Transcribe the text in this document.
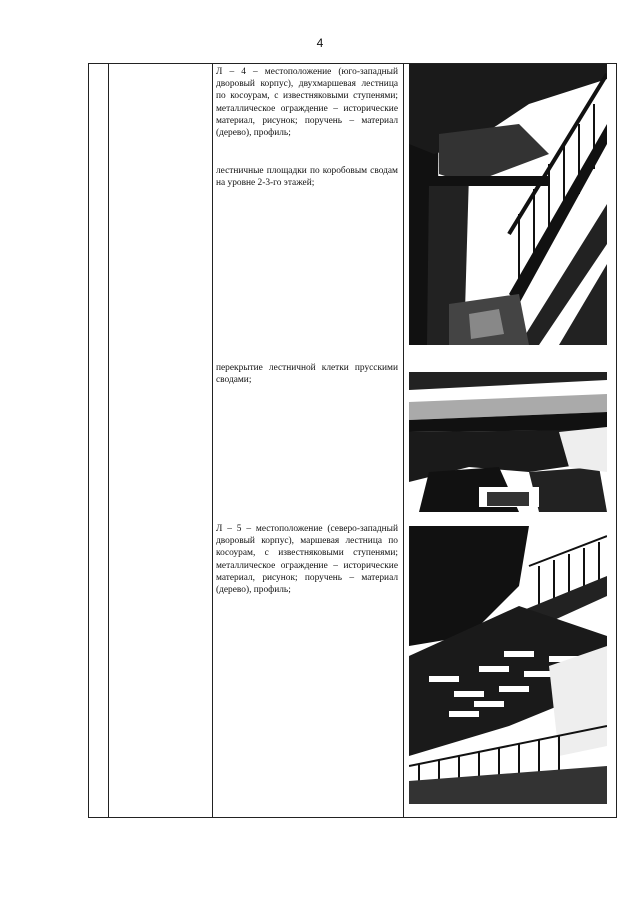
4

Л – 4 – местоположение (юго-западный дворовый корпус), двухмаршевая лестница по косоурам, с известняковыми ступенями; металлическое ограждение – исторические материал, рисунок; поручень – материал (дерево), профиль;

лестничные площадки по коробовым сводам на уровне 2-3-го этажей;

перекрытие лестничной клетки прусскими сводами;

Л – 5 – местоположение (северо-западный дворовый корпус), маршевая лестница по косоурам, с известняковыми ступенями; металлическое ограждение – исторические материал, рисунок; поручень – материал (дерево), профиль;
